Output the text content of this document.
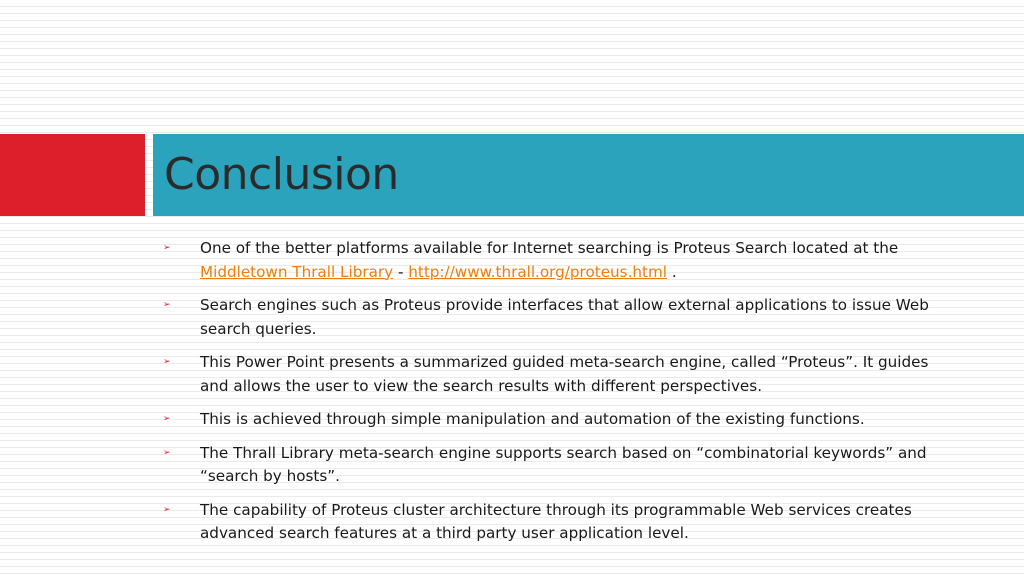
Conclusion
➢	One of the better platforms available for Internet searching is Proteus Search located at the Middletown Thrall Library - http://www.thrall.org/proteus.html .
➢	Search engines such as Proteus provide interfaces that allow external applications to issue Web search queries.
➢	This Power Point presents a summarized guided meta-search engine, called “Proteus”. It guides and allows the user to view the search results with different perspectives.
➢	This is achieved through simple manipulation and automation of the existing functions.
➢	The Thrall Library meta-search engine supports search based on “combinatorial keywords” and “search by hosts”.
➢	The capability of Proteus cluster architecture through its programmable Web services creates advanced search features at a third party user application level.
